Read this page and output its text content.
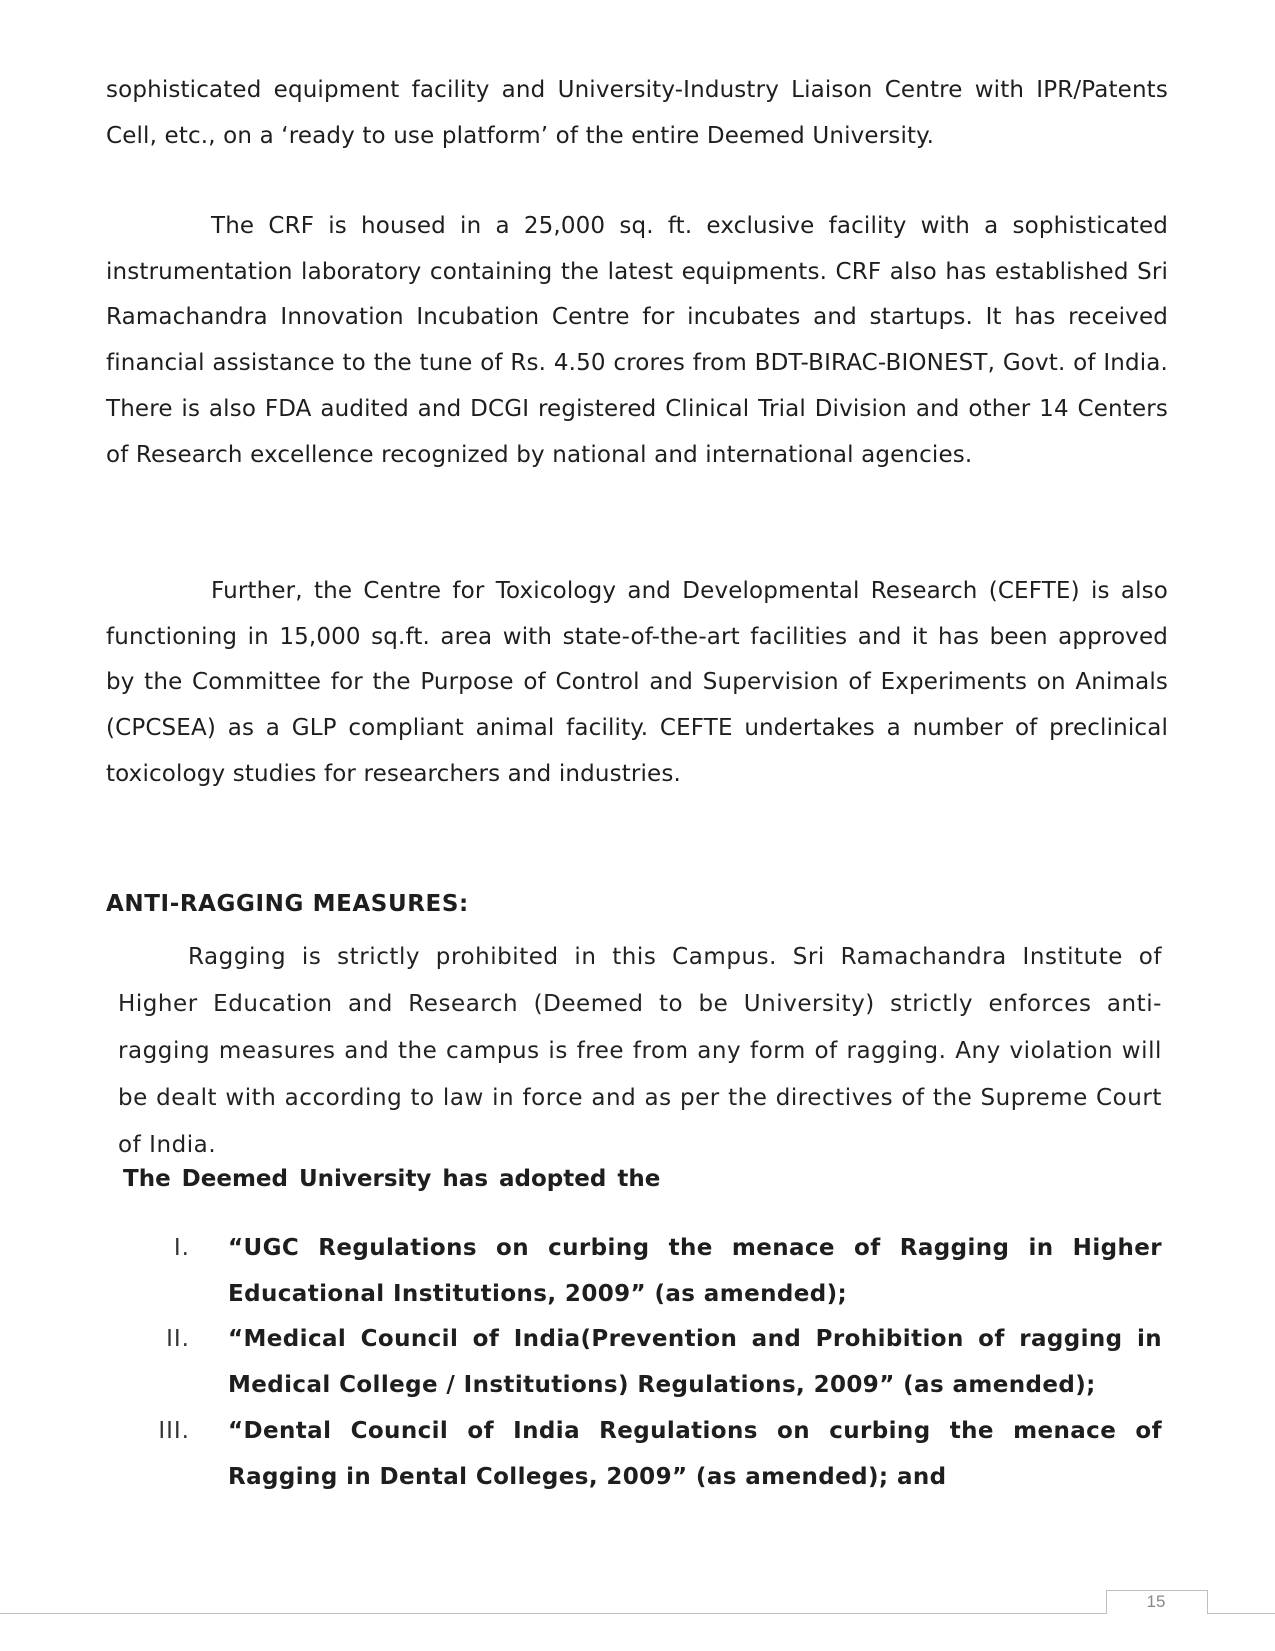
sophisticated equipment facility and University-Industry Liaison Centre with IPR/Patents Cell, etc., on a ‘ready to use platform’ of the entire Deemed University.

The CRF is housed in a 25,000 sq. ft. exclusive facility with a sophisticated instrumentation laboratory containing the latest equipments. CRF also has established Sri Ramachandra Innovation Incubation Centre for incubates and startups. It has received financial assistance to the tune of Rs. 4.50 crores from BDT-BIRAC-BIONEST, Govt. of India. There is also FDA audited and DCGI registered Clinical Trial Division and other 14 Centers of Research excellence recognized by national and international agencies.

Further, the Centre for Toxicology and Developmental Research (CEFTE) is also functioning in 15,000 sq.ft. area with state-of-the-art facilities and it has been approved by the Committee for the Purpose of Control and Supervision of Experiments on Animals (CPCSEA) as a GLP compliant animal facility. CEFTE undertakes a number of preclinical toxicology studies for researchers and industries.

ANTI-RAGGING MEASURES:

Ragging is strictly prohibited in this Campus. Sri Ramachandra Institute of Higher Education and Research (Deemed to be University) strictly enforces anti-ragging measures and the campus is free from any form of ragging. Any violation will be dealt with according to law in force and as per the directives of the Supreme Court of India.

The Deemed University has adopted the

I. “UGC Regulations on curbing the menace of Ragging in Higher Educational Institutions, 2009” (as amended);
II. “Medical Council of India(Prevention and Prohibition of ragging in Medical College / Institutions) Regulations, 2009” (as amended);
III. “Dental Council of India Regulations on curbing the menace of Ragging in Dental Colleges, 2009” (as amended); and
15
